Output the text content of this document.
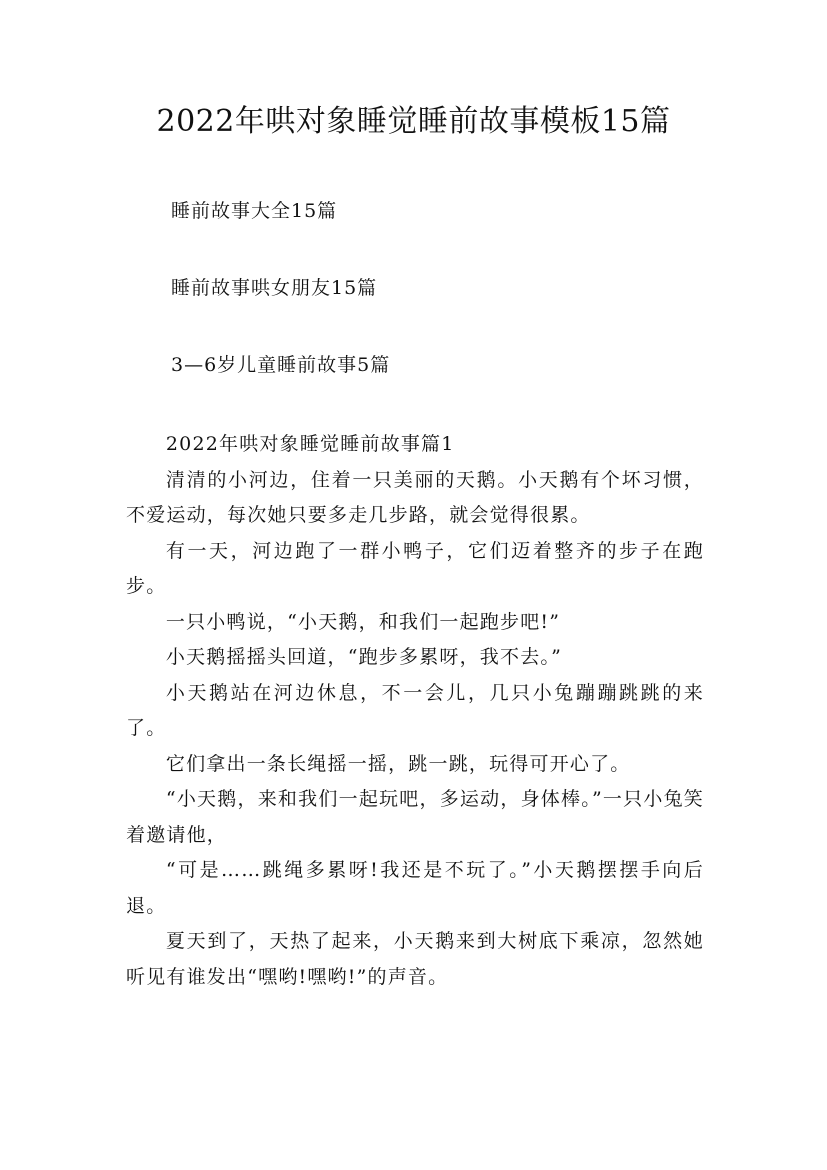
2022年哄对象睡觉睡前故事模板15篇
睡前故事大全15篇
睡前故事哄女朋友15篇
3—6岁儿童睡前故事5篇

2022年哄对象睡觉睡前故事篇1

清清的小河边，住着一只美丽的天鹅。小天鹅有个坏习惯，不爱运动，每次她只要多走几步路，就会觉得很累。

有一天，河边跑了一群小鸭子，它们迈着整齐的步子在跑步。

一只小鸭说，“小天鹅，和我们一起跑步吧!”

小天鹅摇摇头回道，“跑步多累呀，我不去。”

小天鹅站在河边休息，不一会儿，几只小兔蹦蹦跳跳的来了。

它们拿出一条长绳摇一摇，跳一跳，玩得可开心了。

“小天鹅，来和我们一起玩吧，多运动，身体棒。”一只小兔笑着邀请他，

“可是……跳绳多累呀!我还是不玩了。”小天鹅摆摆手向后退。

夏天到了，天热了起来，小天鹅来到大树底下乘凉，忽然她听见有谁发出“嘿哟!嘿哟!”的声音。
